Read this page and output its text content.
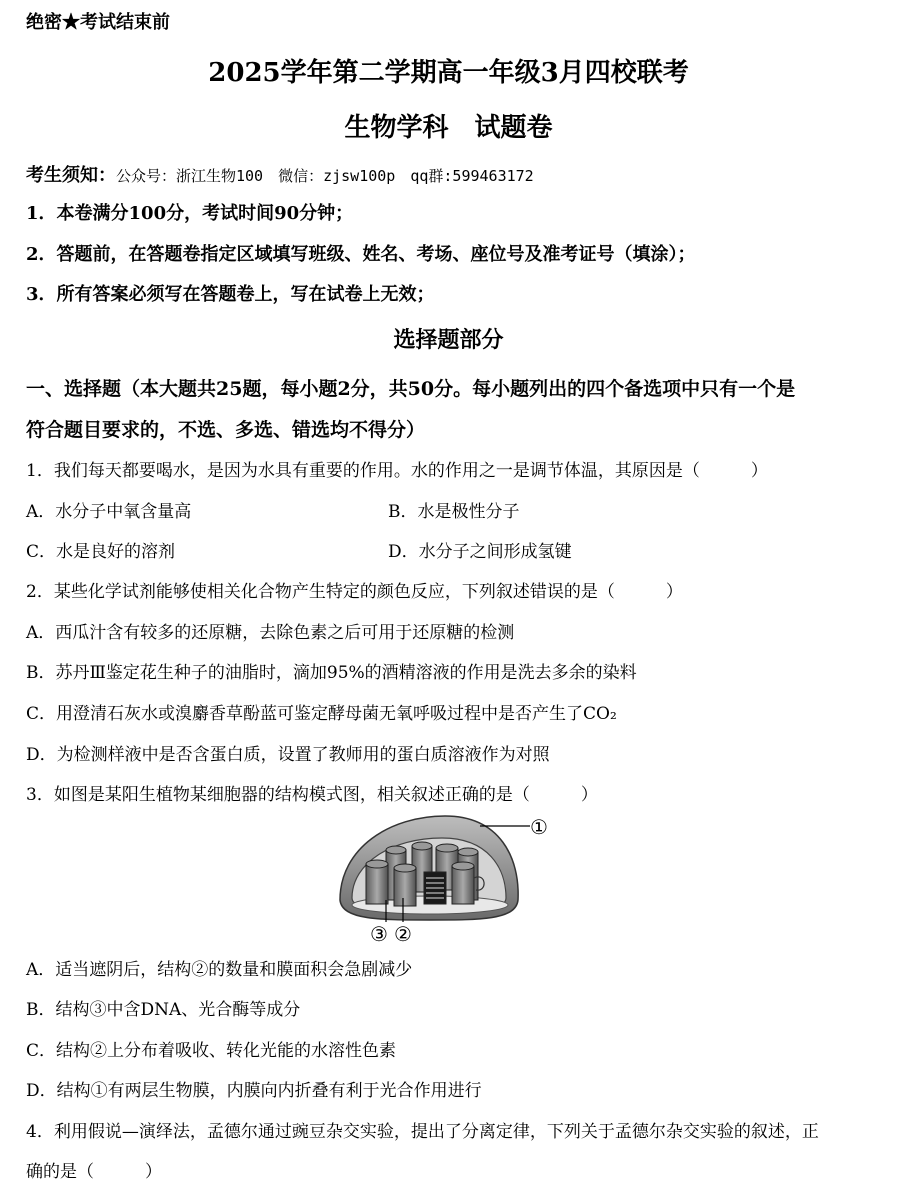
绝密★考试结束前
2025学年第二学期高一年级3月四校联考
生物学科　试题卷
考生须知：公众号：浙江生物100　微信：zjsw100p　qq群:599463172
1．本卷满分100分，考试时间90分钟；
2．答题前，在答题卷指定区域填写班级、姓名、考场、座位号及准考证号（填涂）；
3．所有答案必须写在答题卷上，写在试卷上无效；
选择题部分
一、选择题（本大题共25题，每小题2分，共50分。每小题列出的四个备选项中只有一个是
符合题目要求的，不选、多选、错选均不得分）
1．我们每天都要喝水，是因为水具有重要的作用。水的作用之一是调节体温，其原因是（　　　）
A．水分子中氧含量高	B．水是极性分子
C．水是良好的溶剂	D．水分子之间形成氢键
2．某些化学试剂能够使相关化合物产生特定的颜色反应，下列叙述错误的是（　　　）
A．西瓜汁含有较多的还原糖，去除色素之后可用于还原糖的检测
B．苏丹Ⅲ鉴定花生种子的油脂时，滴加95%的酒精溶液的作用是洗去多余的染料
C．用澄清石灰水或溴麝香草酚蓝可鉴定酵母菌无氧呼吸过程中是否产生了CO₂
D．为检测样液中是否含蛋白质，设置了教师用的蛋白质溶液作为对照
3．如图是某阳生植物某细胞器的结构模式图，相关叙述正确的是（　　　）
①
③ ②
A．适当遮阴后，结构②的数量和膜面积会急剧减少
B．结构③中含DNA、光合酶等成分
C．结构②上分布着吸收、转化光能的水溶性色素
D．结构①有两层生物膜，内膜向内折叠有利于光合作用进行
4．利用假说—演绎法，孟德尔通过豌豆杂交实验，提出了分离定律，下列关于孟德尔杂交实验的叙述，正
确的是（　　　）
